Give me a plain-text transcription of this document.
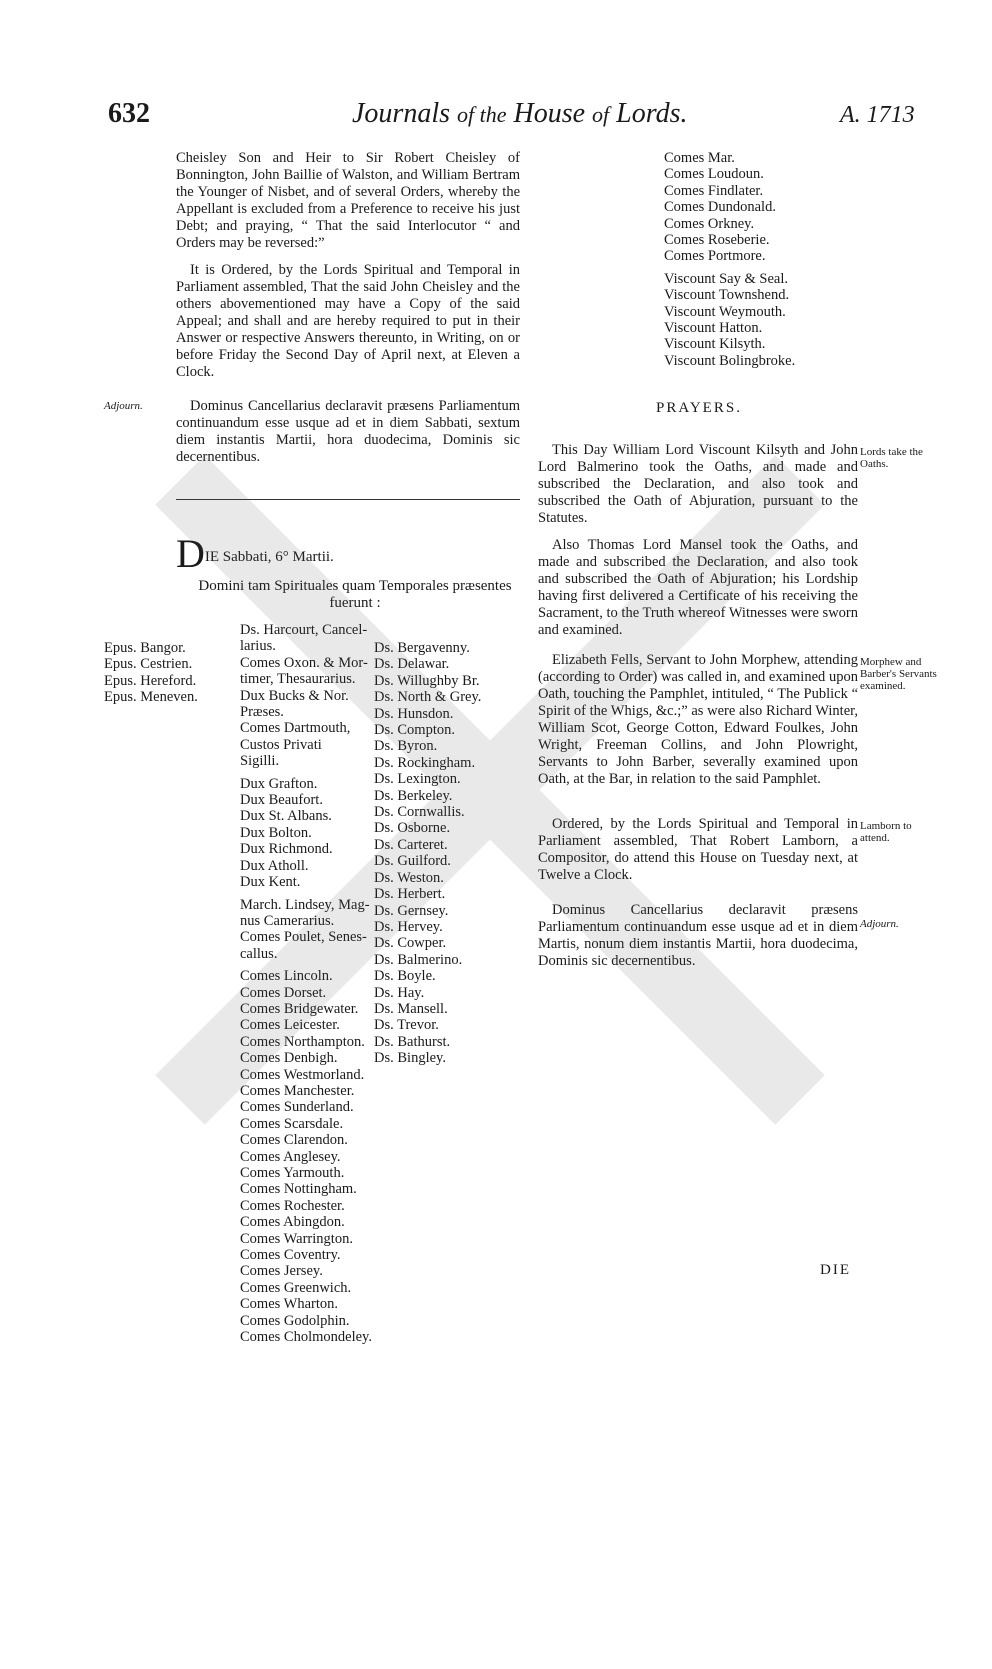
632	Journals of the House of Lords.	A. 1713

Cheisley Son and Heir to Sir Robert Cheisley of Bonnington, John Baillie of Walston, and William Bertram the Younger of Nisbet, and of several Orders, whereby the Appellant is excluded from a Preference to receive his just Debt; and praying, “ That the said Interlocutor “ and Orders may be reversed:”

It is Ordered, by the Lords Spiritual and Temporal in Parliament assembled, That the said John Cheisley and the others abovementioned may have a Copy of the said Appeal; and shall and are hereby required to put in their Answer or respective Answers thereunto, in Writing, on or before Friday the Second Day of April next, at Eleven a Clock.

Adjourn.	Dominus Cancellarius declaravit præsens Parliamentum continuandum esse usque ad et in diem Sabbati, sextum diem instantis Martii, hora duodecima, Dominis sic decernentibus.

DIE Sabbati, 6° Martii.
Domini tam Spirituales quam Temporales præsentes fuerunt :
Epus. Bangor.
Epus. Cestrien.
Epus. Hereford.
Epus. Meneven.
Ds. Harcourt, Cancel-
larius.
Comes Oxon. & Mor-
timer, Thesaurarius.
Dux Bucks & Nor.
Præses.
Comes Dartmouth,
Custos Privati
Sigilli.
Dux Grafton.
Dux Beaufort.
Dux St. Albans.
Dux Bolton.
Dux Richmond.
Dux Atholl.
Dux Kent.
March. Lindsey, Mag-
nus Camerarius.
Comes Poulet, Senes-
callus.
Comes Lincoln.
Comes Dorset.
Comes Bridgewater.
Comes Leicester.
Comes Northampton.
Comes Denbigh.
Comes Westmorland.
Comes Manchester.
Comes Sunderland.
Comes Scarsdale.
Comes Clarendon.
Comes Anglesey.
Comes Yarmouth.
Comes Nottingham.
Comes Rochester.
Comes Abingdon.
Comes Warrington.
Comes Coventry.
Comes Jersey.
Comes Greenwich.
Comes Wharton.
Comes Godolphin.
Comes Cholmondeley.
Ds. Bergavenny.
Ds. Delawar.
Ds. Willughby Br.
Ds. North & Grey.
Ds. Hunsdon.
Ds. Compton.
Ds. Byron.
Ds. Rockingham.
Ds. Lexington.
Ds. Berkeley.
Ds. Cornwallis.
Ds. Osborne.
Ds. Carteret.
Ds. Guilford.
Ds. Weston.
Ds. Herbert.
Ds. Gernsey.
Ds. Hervey.
Ds. Cowper.
Ds. Balmerino.
Ds. Boyle.
Ds. Hay.
Ds. Mansell.
Ds. Trevor.
Ds. Bathurst.
Ds. Bingley.
Comes Mar.
Comes Loudoun.
Comes Findlater.
Comes Dundonald.
Comes Orkney.
Comes Roseberie.
Comes Portmore.
Viscount Say & Seal.
Viscount Townshend.
Viscount Weymouth.
Viscount Hatton.
Viscount Kilsyth.
Viscount Bolingbroke.
PRAYERS.

This Day William Lord Viscount Kilsyth and John Lord Balmerino took the Oaths, and made and subscribed the Declaration, and also took and subscribed the Oath of Abjuration, pursuant to the Statutes.

Also Thomas Lord Mansel took the Oaths, and made and subscribed the Declaration, and also took and subscribed the Oath of Abjuration; his Lordship having first delivered a Certificate of his receiving the Sacrament, to the Truth whereof Witnesses were sworn and examined.

Lords take the Oaths.

Elizabeth Fells, Servant to John Morphew, attending (according to Order) was called in, and examined upon Oath, touching the Pamphlet, intituled, “ The Publick “ Spirit of the Whigs, &c.;” as were also Richard Winter, William Scot, George Cotton, Edward Foulkes, John Wright, Freeman Collins, and John Plowright, Servants to John Barber, severally examined upon Oath, at the Bar, in relation to the said Pamphlet.

Morphew and Barber's Servants examined.

Ordered, by the Lords Spiritual and Temporal in Parliament assembled, That Robert Lamborn, a Compositor, do attend this House on Tuesday next, at Twelve a Clock.

Lamborn to attend.

Dominus Cancellarius declaravit præsens Parliamentum continuandum esse usque ad et in diem Martis, nonum diem instantis Martii, hora duodecima, Dominis sic decernentibus.

Adjourn.
DIE
